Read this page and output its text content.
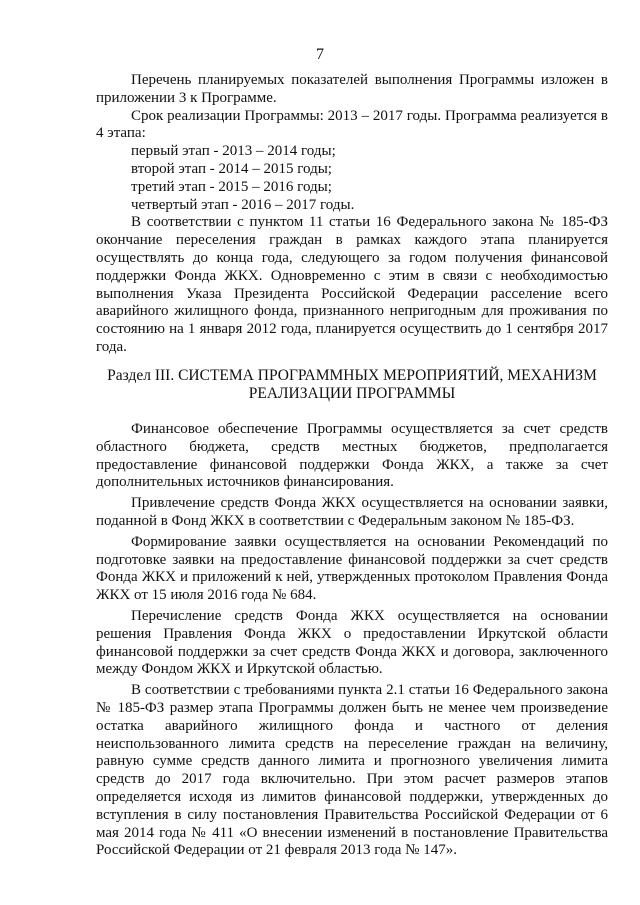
7

Перечень планируемых показателей выполнения Программы изложен в приложении 3 к Программе.

Срок реализации Программы: 2013 – 2017 годы. Программа реализуется в 4 этапа:

первый этап - 2013 – 2014 годы;

второй этап - 2014 – 2015 годы;

третий этап - 2015 – 2016 годы;

четвертый этап - 2016 – 2017 годы.

В соответствии с пунктом 11 статьи 16 Федерального закона № 185-ФЗ окончание переселения граждан в рамках каждого этапа планируется осуществлять до конца года, следующего за годом получения финансовой поддержки Фонда ЖКХ. Одновременно с этим в связи с необходимостью выполнения Указа Президента Российской Федерации расселение всего аварийного жилищного фонда, признанного непригодным для проживания по состоянию на 1 января 2012 года, планируется осуществить до 1 сентября 2017 года.

Раздел III. СИСТЕМА ПРОГРАММНЫХ МЕРОПРИЯТИЙ, МЕХАНИЗМ
РЕАЛИЗАЦИИ ПРОГРАММЫ

Финансовое обеспечение Программы осуществляется за счет средств областного бюджета, средств местных бюджетов, предполагается предоставление финансовой поддержки Фонда ЖКХ, а также за счет дополнительных источников финансирования.

Привлечение средств Фонда ЖКХ осуществляется на основании заявки, поданной в Фонд ЖКХ в соответствии с Федеральным законом № 185-ФЗ.

Формирование заявки осуществляется на основании Рекомендаций по подготовке заявки на предоставление финансовой поддержки за счет средств Фонда ЖКХ и приложений к ней, утвержденных протоколом Правления Фонда ЖКХ от 15 июля 2016 года № 684.

Перечисление средств Фонда ЖКХ осуществляется на основании решения Правления Фонда ЖКХ о предоставлении Иркутской области финансовой поддержки за счет средств Фонда ЖКХ и договора, заключенного между Фондом ЖКХ и Иркутской областью.

В соответствии с требованиями пункта 2.1 статьи 16 Федерального закона № 185-ФЗ размер этапа Программы должен быть не менее чем произведение остатка аварийного жилищного фонда и частного от деления неиспользованного лимита средств на переселение граждан на величину, равную сумме средств данного лимита и прогнозного увеличения лимита средств до 2017 года включительно. При этом расчет размеров этапов определяется исходя из лимитов финансовой поддержки, утвержденных до вступления в силу постановления Правительства Российской Федерации от 6 мая 2014 года № 411 «О внесении изменений в постановление Правительства Российской Федерации от 21 февраля 2013 года № 147».
